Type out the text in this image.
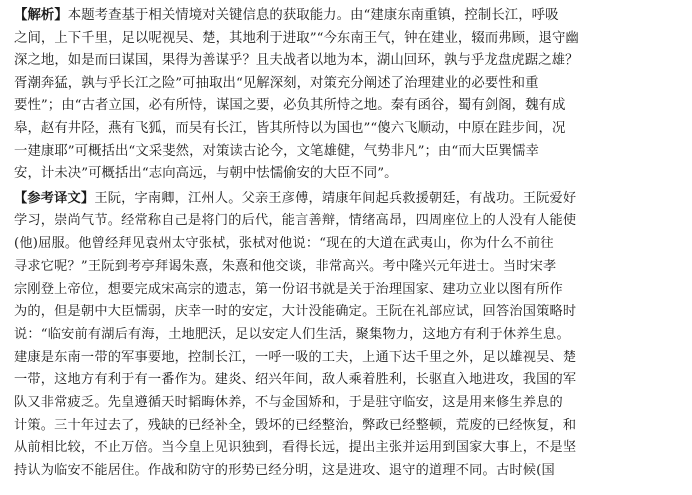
【解析】本题考查基于相关情境对关键信息的获取能力。由“建康东南重镇，控制长江，呼吸
之间，上下千里，足以呢视吴、楚，其地利于进取”“今东南王气，钟在建业，辍而弗顾，退守幽
深之地，如是而曰谋国，果得为善谋乎？且夫战者以地为本，湖山回环，孰与乎龙盘虎踞之雄？
胥潮奔猛，孰与乎长江之险”可抽取出“见解深刻，对策充分阐述了治理建业的必要性和重
要性”；由“古者立国，必有所恃，谋国之要，必负其所恃之地。秦有函谷，蜀有剑阁，魏有成
皋，赵有井陉，燕有飞狐，而吴有长江，皆其所恃以为国也”“傻六飞顺动，中原在跬步间，况
一建康耶”可概括出“文采斐然，对策读古论今，文笔雄健，气势非凡”；由“而大臣巽懦幸
安，计未决”可概括出“志向高远，与朝中怯懦偷安的大臣不同”。

【参考译文】王阮，字南卿，江州人。父亲王彦傅，靖康年间起兵救援朝廷，有战功。王阮爱好
学习，崇尚气节。经常称自己是将门的后代，能言善辩，情绪高昂，四周座位上的人没有人能使
(他)屈服。他曾经拜见袁州太守张栻，张栻对他说：“现在的大道在武夷山，你为什么不前往
寻求它呢？”王阮到考亭拜谒朱熹，朱熹和他交谈，非常高兴。考中隆兴元年进士。当时宋孝
宗刚登上帝位，想要完成宋高宗的遗志，第一份诏书就是关于治理国家、建功立业以图有所作
为的，但是朝中大臣懦弱，庆幸一时的安定，大计没能确定。王阮在礼部应试，回答治国策略时
说：“临安前有湖后有海，土地肥沃，足以安定人们生活，聚集物力，这地方有利于休养生息。
建康是东南一带的军事要地，控制长江，一呼一吸的工夫，上通下达千里之外，足以雄视吴、楚
一带，这地方有利于有一番作为。建炎、绍兴年间，敌人乘着胜利，长驱直入地进攻，我国的军
队又非常疲乏。先皇遵循天时韬晦休养，不与金国矫和，于是驻守临安，这是用来修生养息的
计策。三十年过去了，残缺的已经补全，毁坏的已经整治，弊政已经整顿，荒废的已经恢复，和
从前相比较，不止万倍。当今皇上见识独到，看得长远，提出主张并运用到国家大事上，不是坚
持认为临安不能居住。作战和防守的形势已经分明，这是进攻、退守的道理不同。古时候(国
